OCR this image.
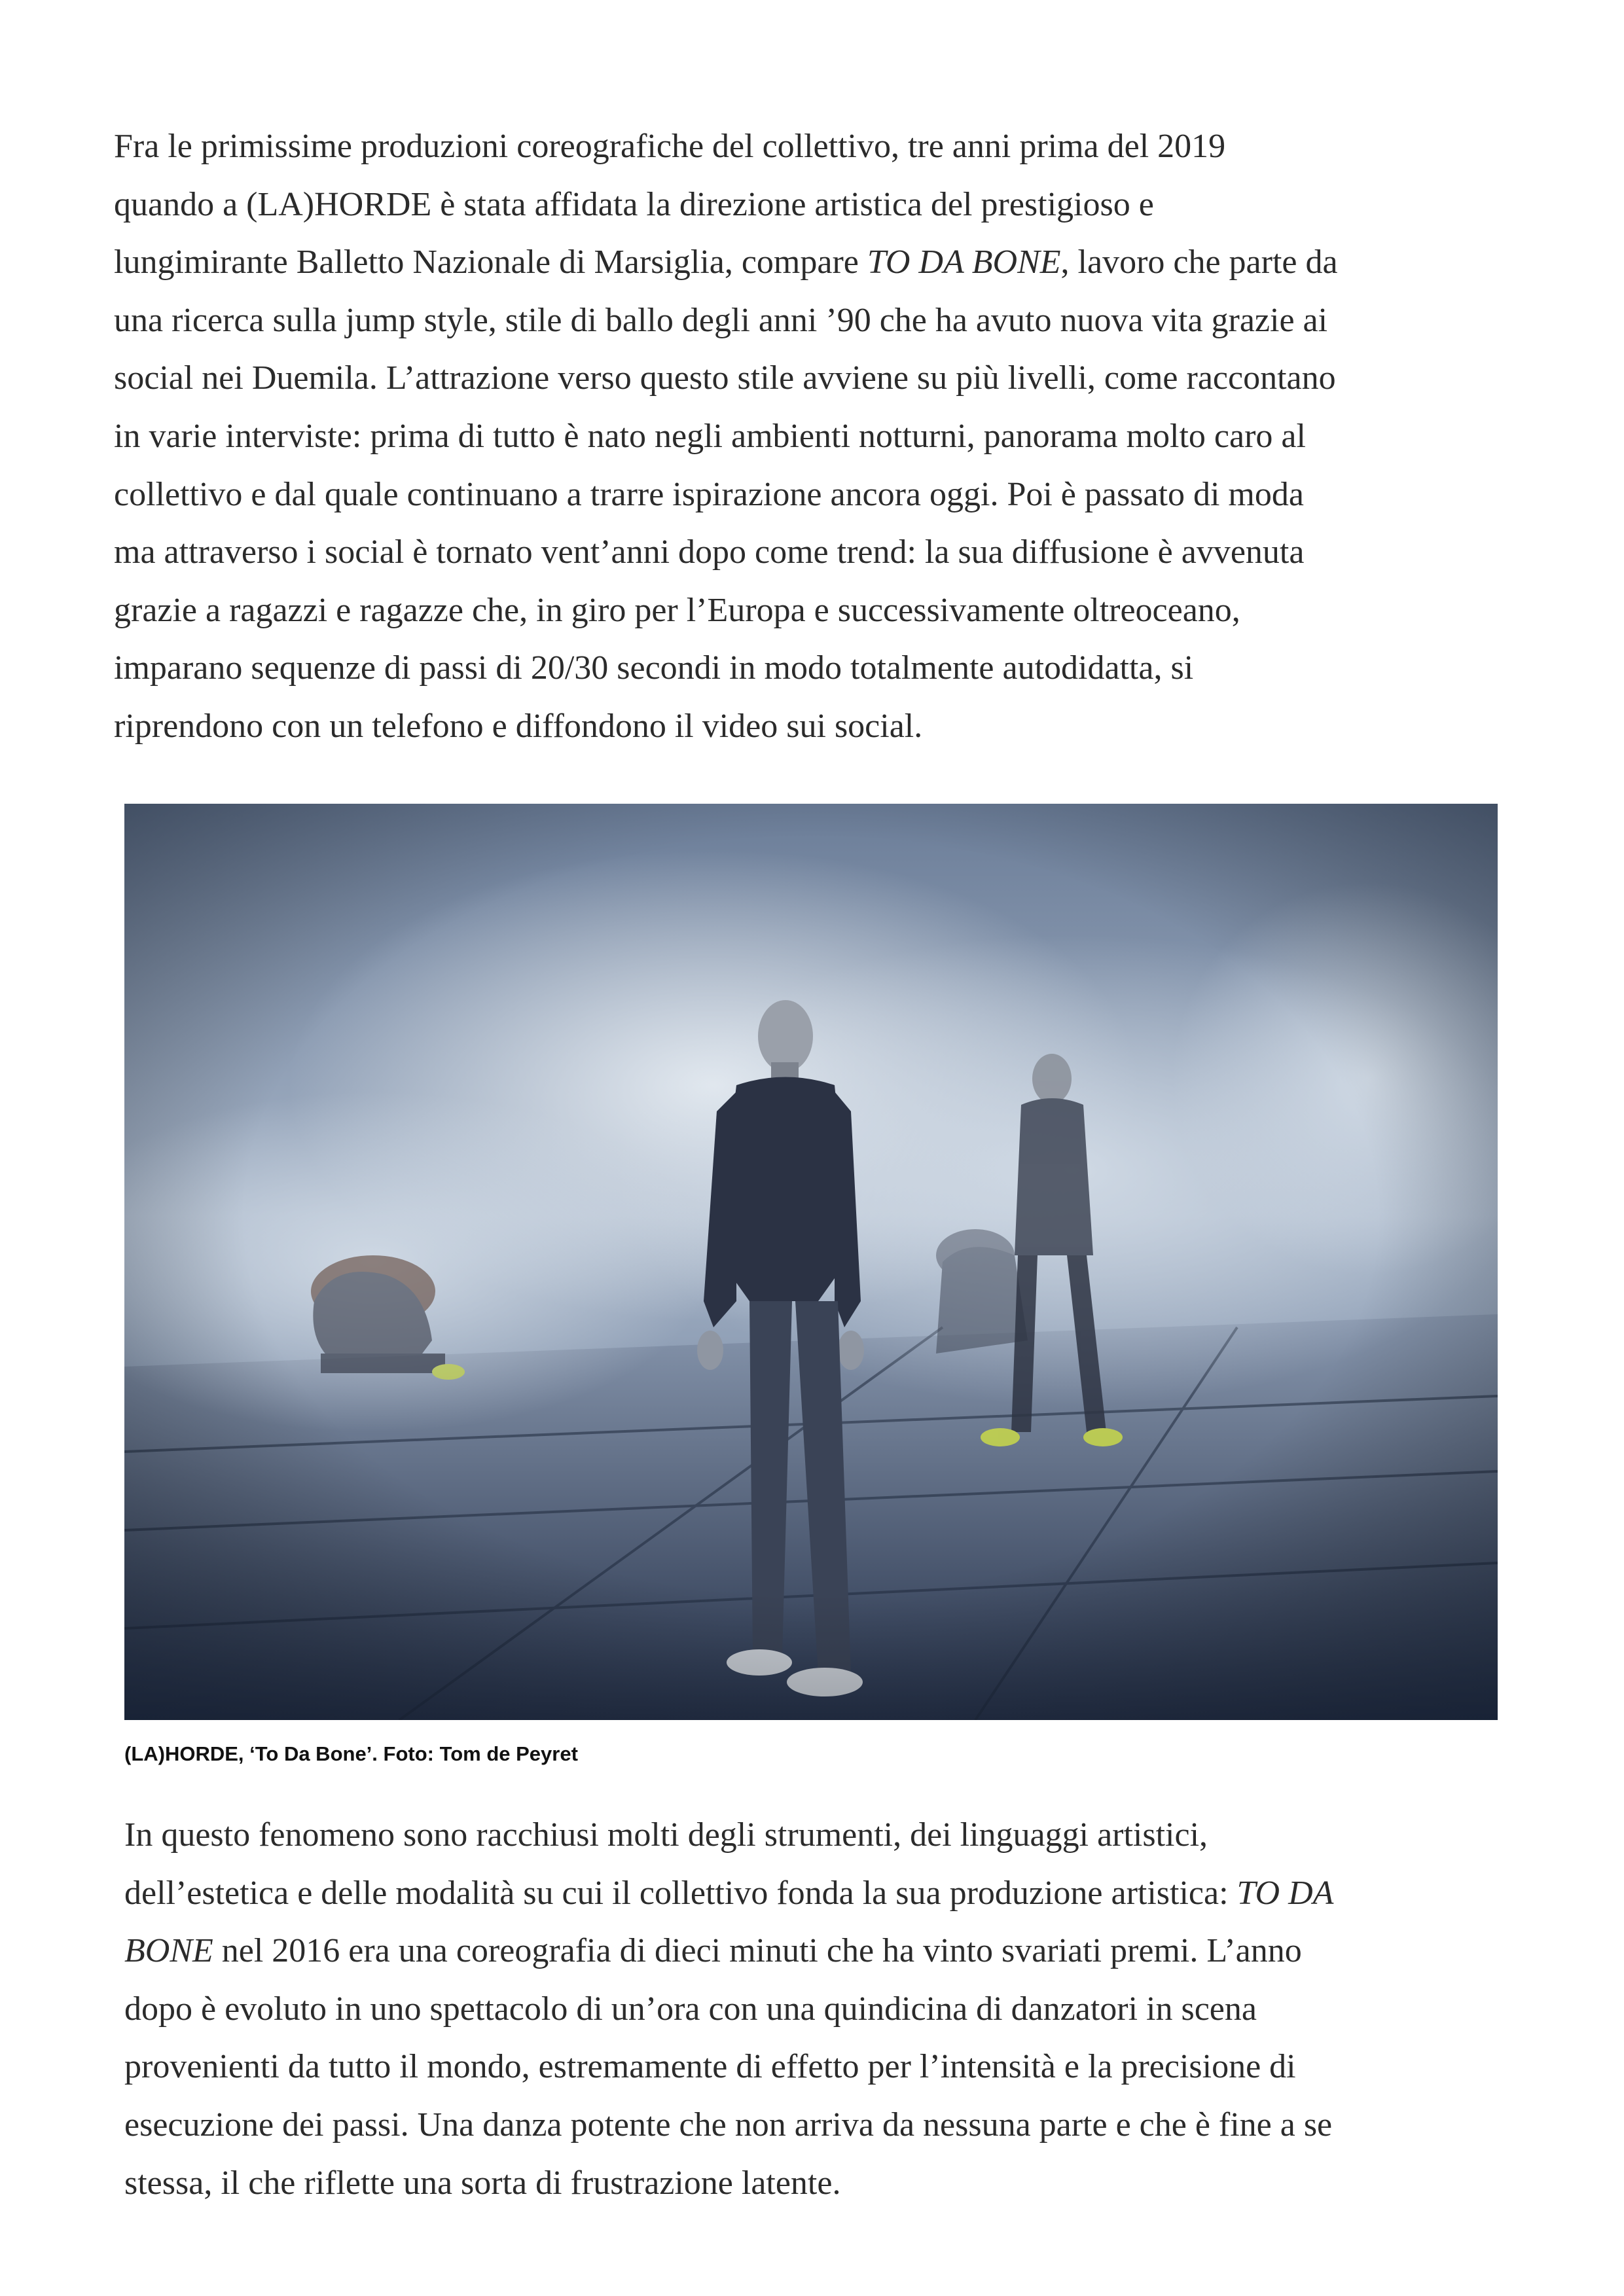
Fra le primissime produzioni coreografiche del collettivo, tre anni prima del 2019
quando a (LA)HORDE è stata affidata la direzione artistica del prestigioso e
lungimirante Balletto Nazionale di Marsiglia, compare TO DA BONE, lavoro che parte da
una ricerca sulla jump style, stile di ballo degli anni ’90 che ha avuto nuova vita grazie ai
social nei Duemila. L’attrazione verso questo stile avviene su più livelli, come raccontano
in varie interviste: prima di tutto è nato negli ambienti notturni, panorama molto caro al
collettivo e dal quale continuano a trarre ispirazione ancora oggi. Poi è passato di moda
ma attraverso i social è tornato vent’anni dopo come trend: la sua diffusione è avvenuta
grazie a ragazzi e ragazze che, in giro per l’Europa e successivamente oltreoceano,
imparano sequenze di passi di 20/30 secondi in modo totalmente autodidatta, si
riprendono con un telefono e diffondono il video sui social.
(LA)HORDE, ‘To Da Bone’. Foto: Tom de Peyret
In questo fenomeno sono racchiusi molti degli strumenti, dei linguaggi artistici,
dell’estetica e delle modalità su cui il collettivo fonda la sua produzione artistica: TO DA
BONE nel 2016 era una coreografia di dieci minuti che ha vinto svariati premi. L’anno
dopo è evoluto in uno spettacolo di un’ora con una quindicina di danzatori in scena
provenienti da tutto il mondo, estremamente di effetto per l’intensità e la precisione di
esecuzione dei passi. Una danza potente che non arriva da nessuna parte e che è fine a se
stessa, il che riflette una sorta di frustrazione latente.
